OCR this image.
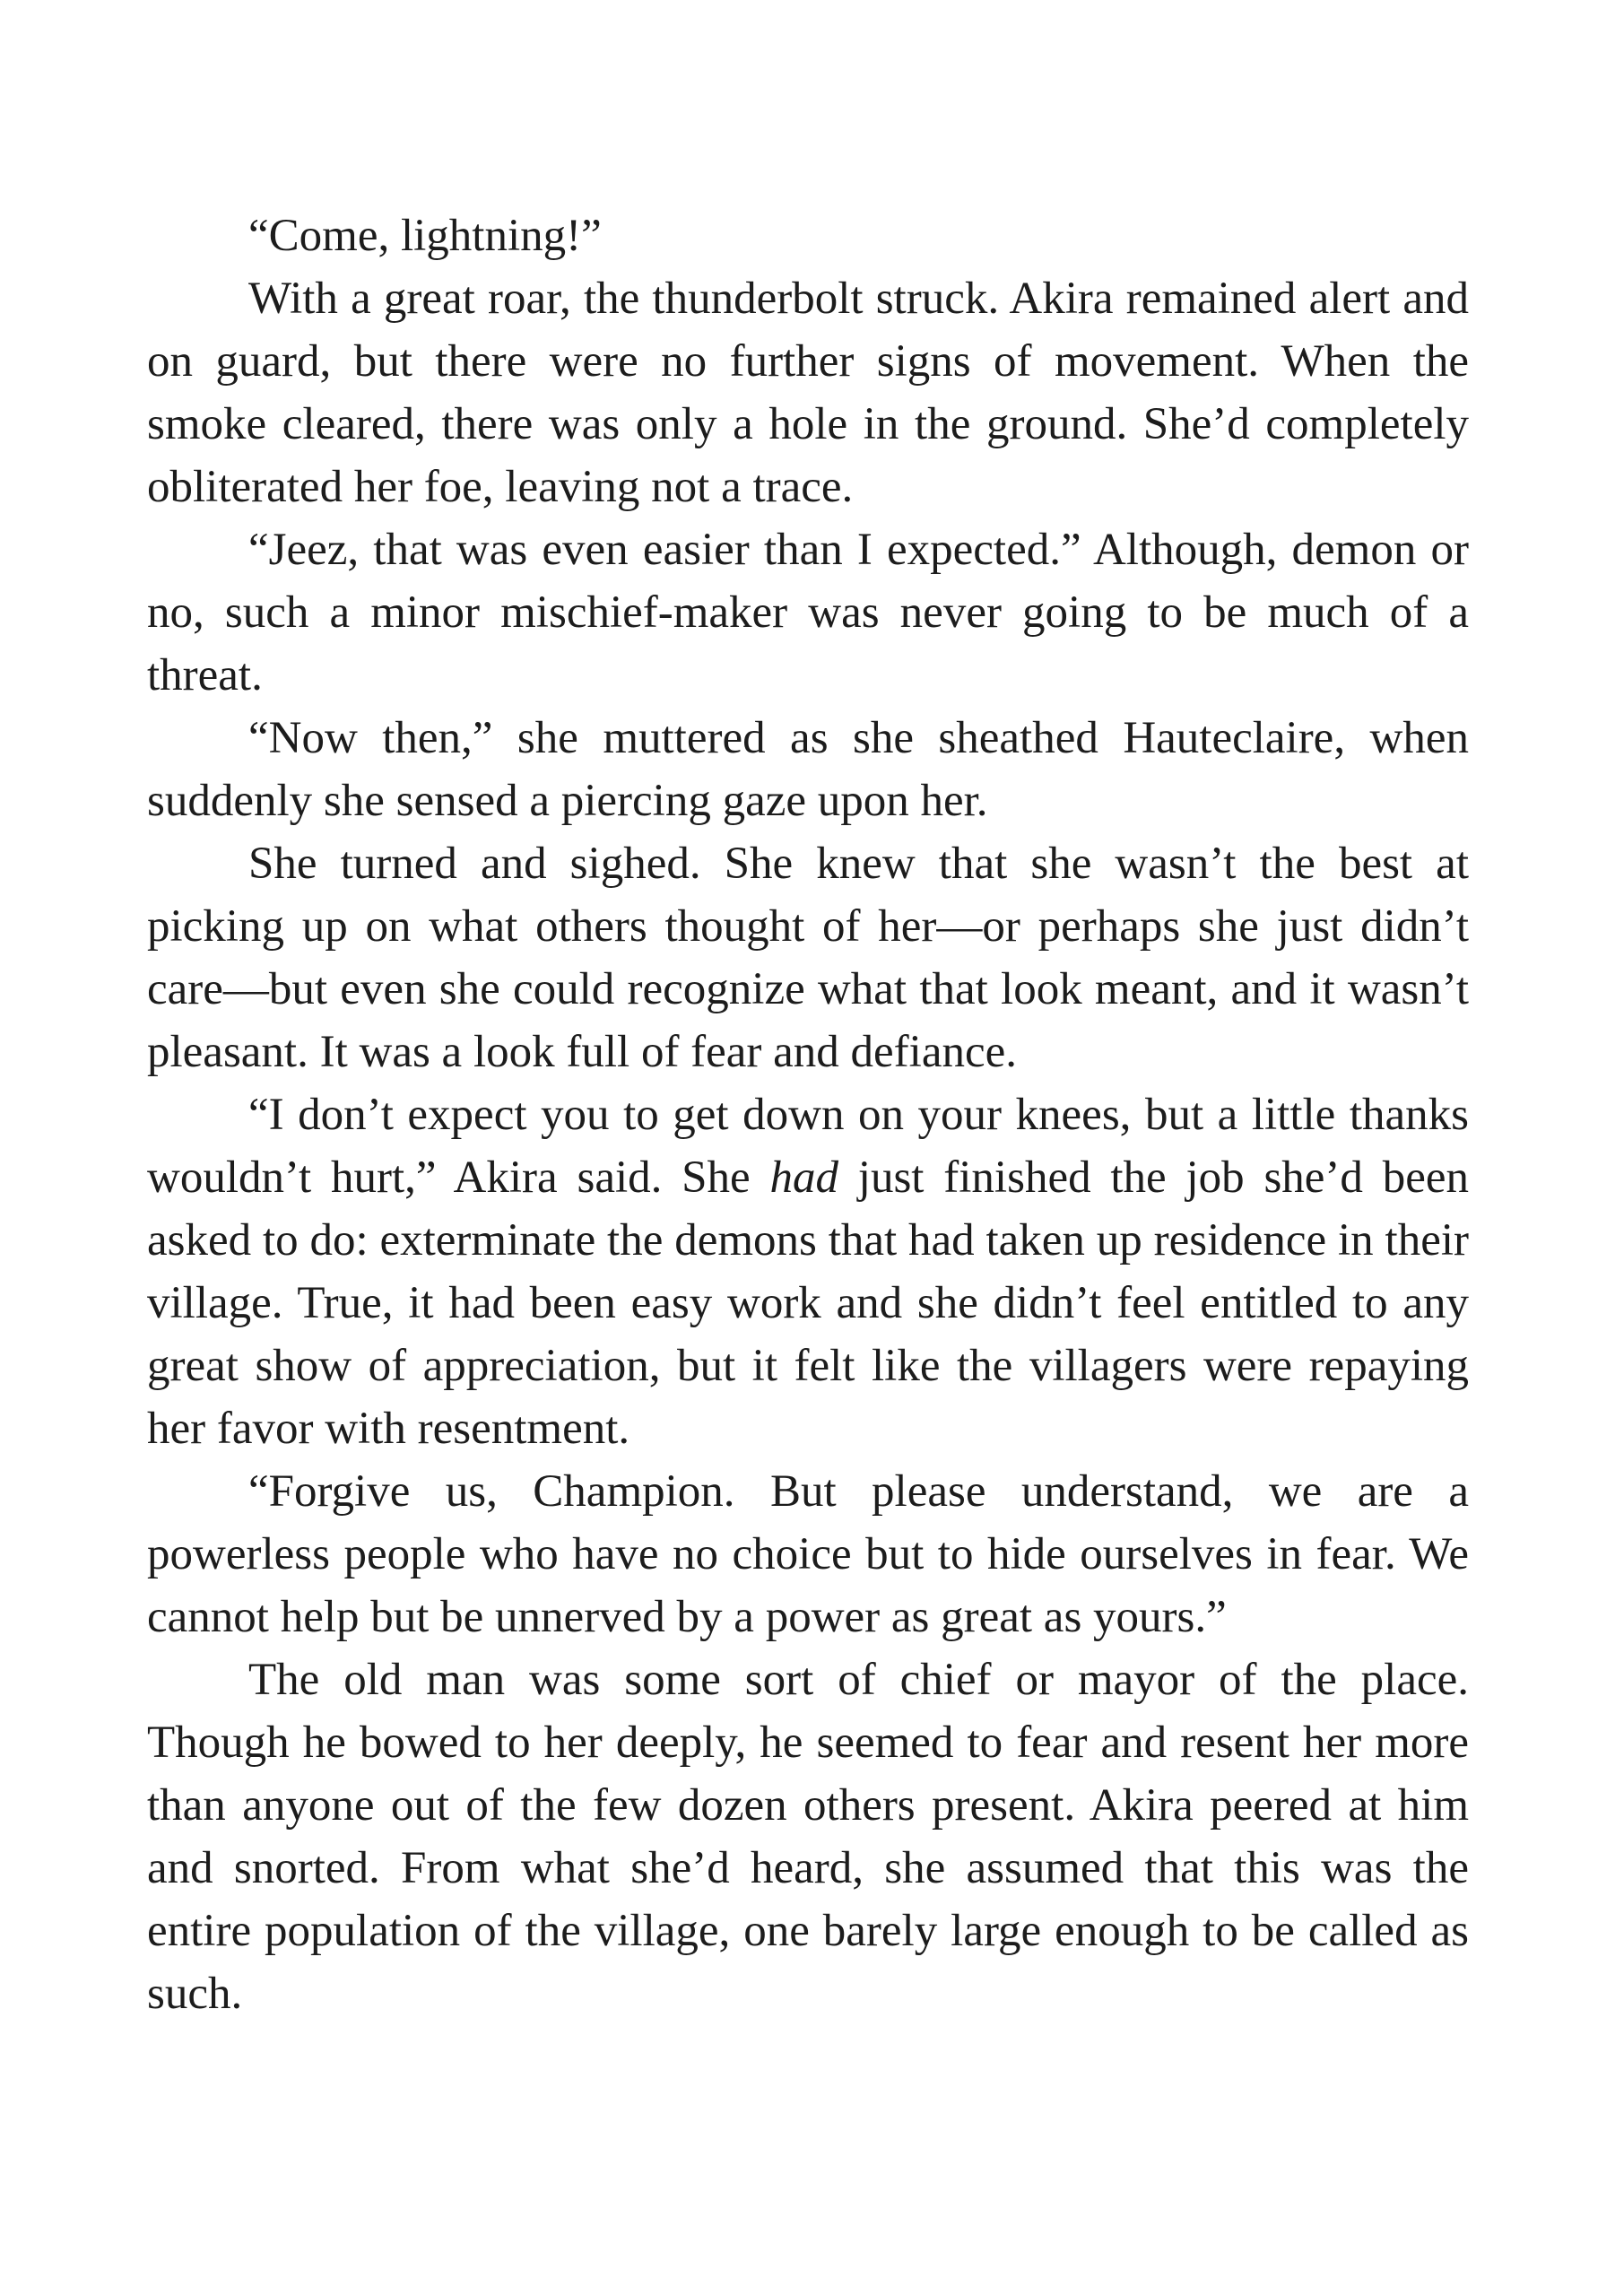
“Come, lightning!”

With a great roar, the thunderbolt struck. Akira remained alert and on guard, but there were no further signs of movement. When the smoke cleared, there was only a hole in the ground. She’d completely obliterated her foe, leaving not a trace.

“Jeez, that was even easier than I expected.” Although, demon or no, such a minor mischief-maker was never going to be much of a threat.

“Now then,” she muttered as she sheathed Hauteclaire, when suddenly she sensed a piercing gaze upon her.

She turned and sighed. She knew that she wasn’t the best at picking up on what others thought of her—or perhaps she just didn’t care—but even she could recognize what that look meant, and it wasn’t pleasant. It was a look full of fear and defiance.

“I don’t expect you to get down on your knees, but a little thanks wouldn’t hurt,” Akira said. She had just finished the job she’d been asked to do: exterminate the demons that had taken up residence in their village. True, it had been easy work and she didn’t feel entitled to any great show of appreciation, but it felt like the villagers were repaying her favor with resentment.

“Forgive us, Champion. But please understand, we are a powerless people who have no choice but to hide ourselves in fear. We cannot help but be unnerved by a power as great as yours.”

The old man was some sort of chief or mayor of the place. Though he bowed to her deeply, he seemed to fear and resent her more than anyone out of the few dozen others present. Akira peered at him and snorted. From what she’d heard, she assumed that this was the entire population of the village, one barely large enough to be called as such.
